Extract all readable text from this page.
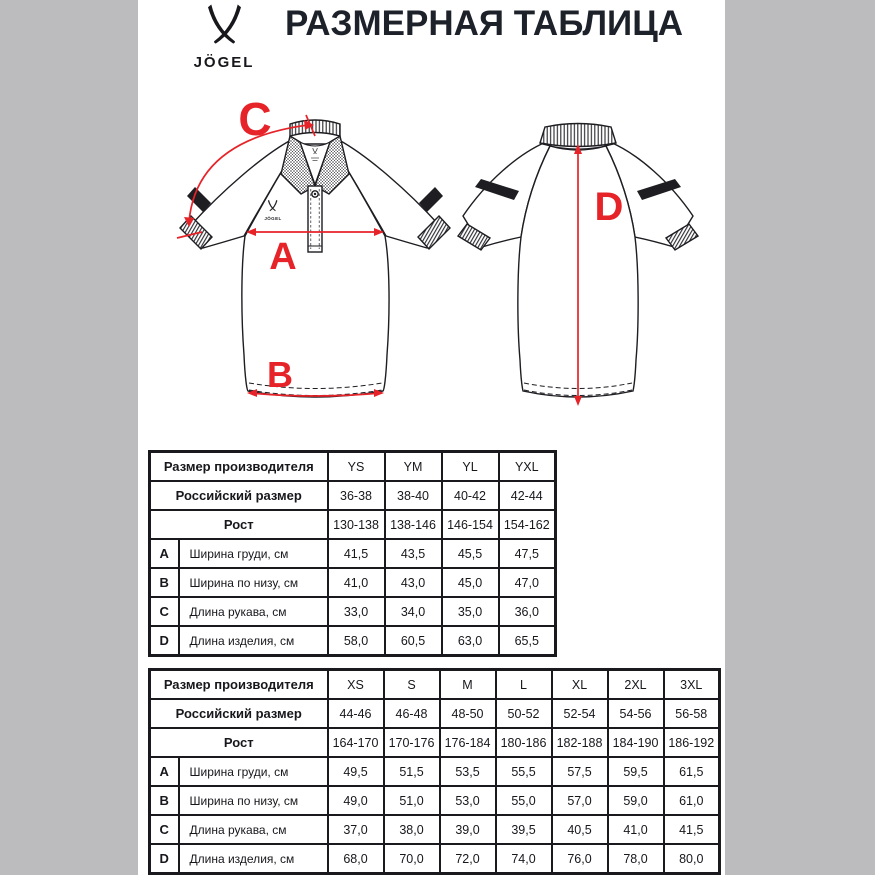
JÖGEL
РАЗМЕРНАЯ ТАБЛИЦА
JÖGEL
C
A
B
D
Размер производителя		YS	YM	YL	YXL
Российский размер		36-38	38-40	40-42	42-44
Рост		130-138	138-146	146-154	154-162
A	Ширина груди, см	41,5	43,5	45,5	47,5
B	Ширина по низу, см	41,0	43,0	45,0	47,0
C	Длина рукава, см	33,0	34,0	35,0	36,0
D	Длина изделия, см	58,0	60,5	63,0	65,5
Размер производителя		XS	S	M	L	XL	2XL	3XL
Российский размер		44-46	46-48	48-50	50-52	52-54	54-56	56-58
Рост		164-170	170-176	176-184	180-186	182-188	184-190	186-192
A	Ширина груди, см	49,5	51,5	53,5	55,5	57,5	59,5	61,5
B	Ширина по низу, см	49,0	51,0	53,0	55,0	57,0	59,0	61,0
C	Длина рукава, см	37,0	38,0	39,0	39,5	40,5	41,0	41,5
D	Длина изделия, см	68,0	70,0	72,0	74,0	76,0	78,0	80,0
